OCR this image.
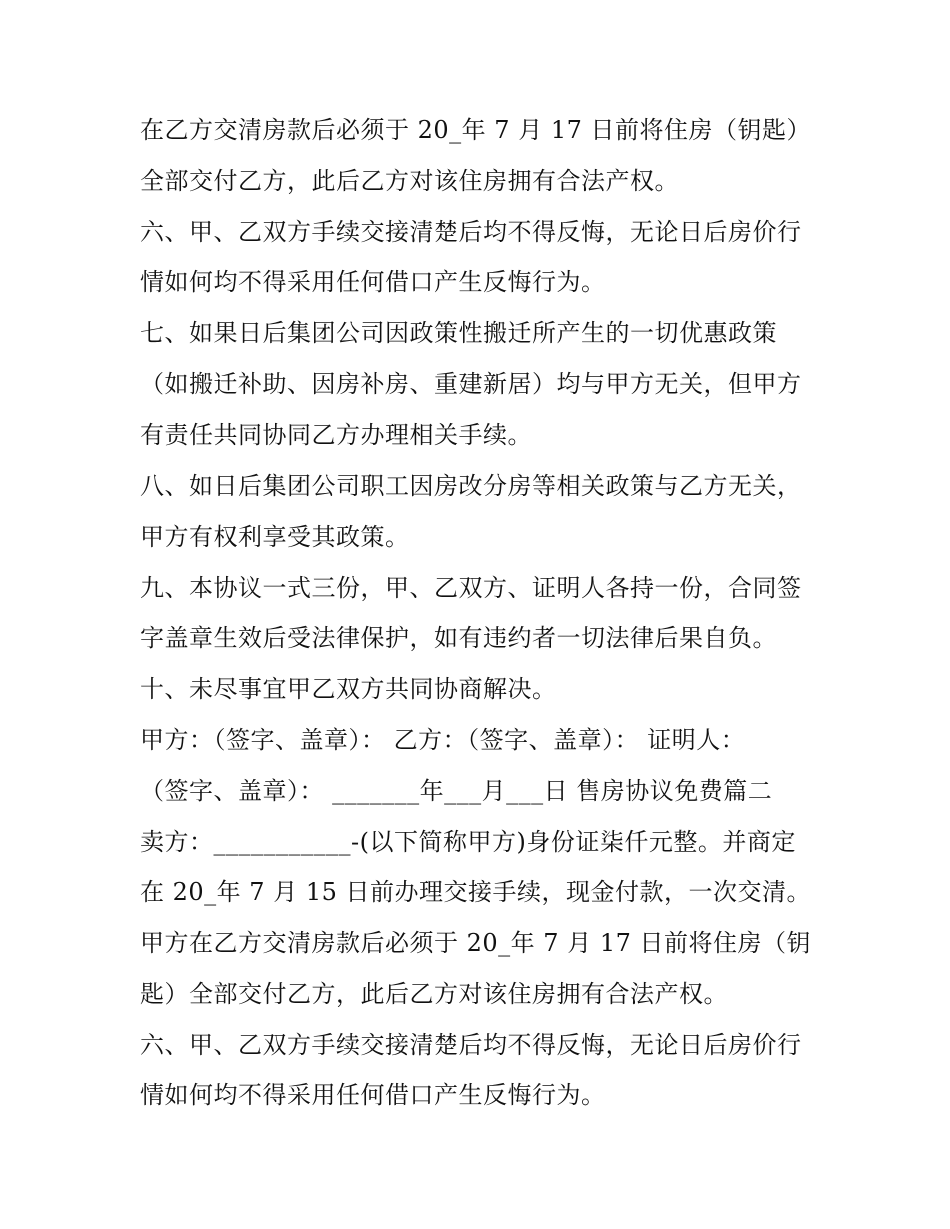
在乙方交清房款后必须于 20_年 7 月 17 日前将住房（钥匙）
全部交付乙方，此后乙方对该住房拥有合法产权。
六、甲、乙双方手续交接清楚后均不得反悔，无论日后房价行
情如何均不得采用任何借口产生反悔行为。
七、如果日后集团公司因政策性搬迁所产生的一切优惠政策
（如搬迁补助、因房补房、重建新居）均与甲方无关，但甲方
有责任共同协同乙方办理相关手续。
八、如日后集团公司职工因房改分房等相关政策与乙方无关，
甲方有权利享受其政策。
九、本协议一式三份，甲、乙双方、证明人各持一份，合同签
字盖章生效后受法律保护，如有违约者一切法律后果自负。
十、未尽事宜甲乙双方共同协商解决。
甲方：（签字、盖章）： 乙方：（签字、盖章）： 证明人：
（签字、盖章）： _______年___月___日 售房协议免费篇二
卖方：___________-(以下简称甲方)身份证柒仟元整。并商定
在 20_年 7 月 15 日前办理交接手续，现金付款，一次交清。
甲方在乙方交清房款后必须于 20_年 7 月 17 日前将住房（钥
匙）全部交付乙方，此后乙方对该住房拥有合法产权。
六、甲、乙双方手续交接清楚后均不得反悔，无论日后房价行
情如何均不得采用任何借口产生反悔行为。
